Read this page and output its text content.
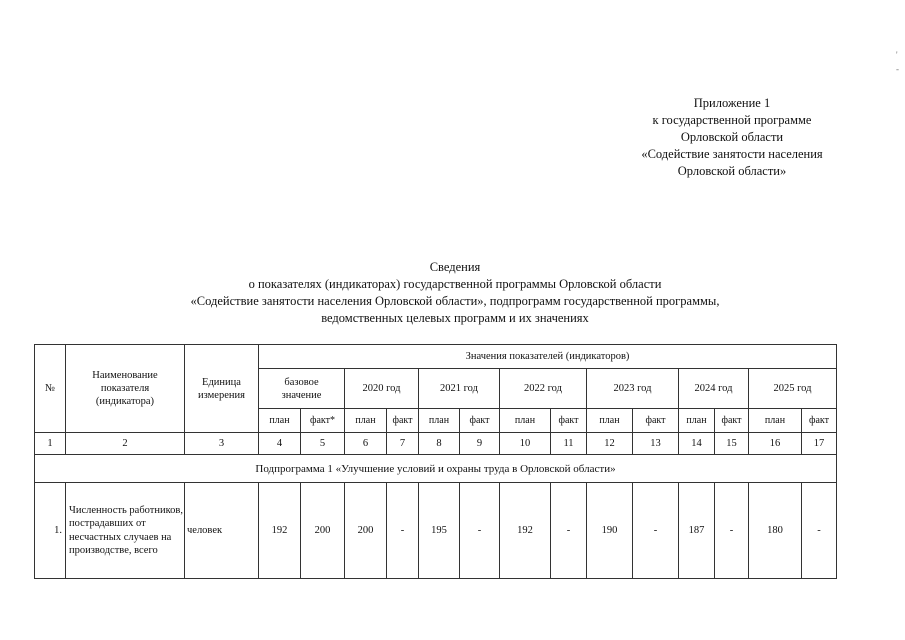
'
-
Приложение 1
к государственной программе
Орловской области
«Содействие занятости населения
Орловской области»
Сведения
о показателях (индикаторах) государственной программы Орловской области
«Содействие занятости населения Орловской области», подпрограмм государственной программы,
ведомственных целевых программ и их значениях
№	Наименование показателя (индикатора)	Единица измерения	Значения показателей (индикаторов)													
			базовое значение		2020 год		2021 год		2022 год		2023 год		2024 год		2025 год	
			план	факт*	план	факт	план	факт	план	факт	план	факт	план	факт	план	факт
1	2	3	4	5	6	7	8	9	10	11	12	13	14	15	16	17
Подпрограмма 1 «Улучшение условий и охраны труда в Орловской области»																
1.	Численность работников, пострадавших от несчастных случаев на производстве, всего	человек	192	200	200	-	195	-	192	-	190	-	187	-	180	-
